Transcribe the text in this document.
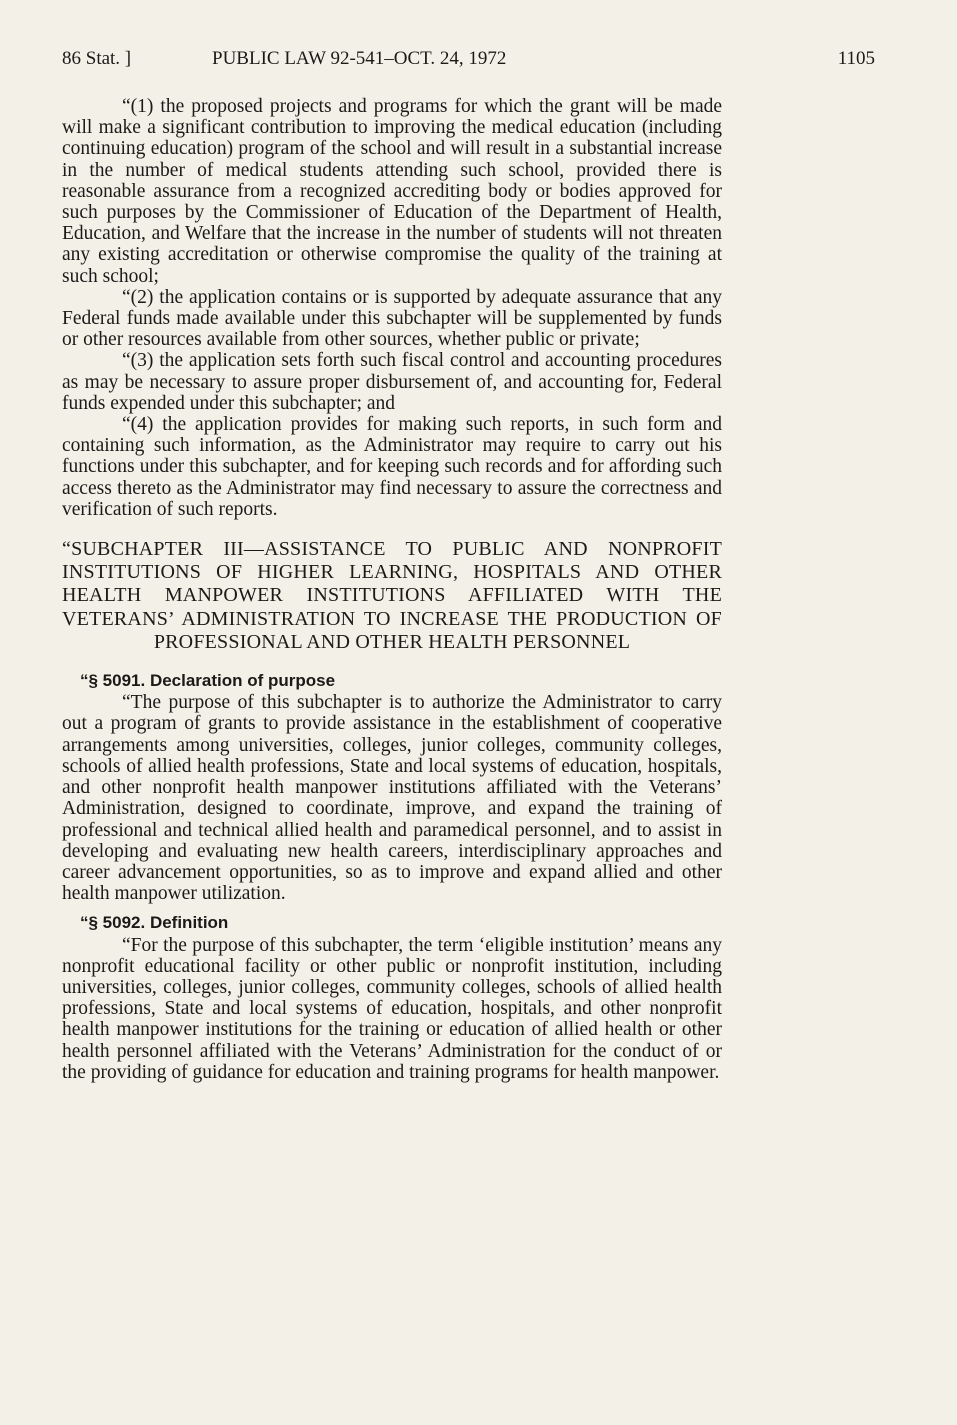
86 Stat. ]	PUBLIC LAW 92-541–OCT. 24, 1972	1105

“(1) the proposed projects and programs for which the grant will be made will make a significant contribution to improving the medical education (including continuing education) program of the school and will result in a substantial increase in the number of medical students attending such school, provided there is reasonable assurance from a recognized accrediting body or bodies approved for such purposes by the Commissioner of Education of the Department of Health, Education, and Welfare that the increase in the number of students will not threaten any existing accreditation or otherwise compromise the quality of the training at such school;

“(2) the application contains or is supported by adequate assurance that any Federal funds made available under this subchapter will be supplemented by funds or other resources available from other sources, whether public or private;

“(3) the application sets forth such fiscal control and accounting procedures as may be necessary to assure proper disbursement of, and accounting for, Federal funds expended under this subchapter; and

“(4) the application provides for making such reports, in such form and containing such information, as the Administrator may require to carry out his functions under this subchapter, and for keeping such records and for affording such access thereto as the Administrator may find necessary to assure the correctness and verification of such reports.

“SUBCHAPTER III—ASSISTANCE TO PUBLIC AND NONPROFIT INSTITUTIONS OF HIGHER LEARNING, HOSPITALS AND OTHER HEALTH MANPOWER INSTITUTIONS AFFILIATED WITH THE VETERANS’ ADMINISTRATION TO INCREASE THE PRODUCTION OF PROFESSIONAL AND OTHER HEALTH PERSONNEL
“§ 5091. Declaration of purpose

“The purpose of this subchapter is to authorize the Administrator to carry out a program of grants to provide assistance in the establishment of cooperative arrangements among universities, colleges, junior colleges, community colleges, schools of allied health professions, State and local systems of education, hospitals, and other nonprofit health manpower institutions affiliated with the Veterans’ Administration, designed to coordinate, improve, and expand the training of professional and technical allied health and paramedical personnel, and to assist in developing and evaluating new health careers, interdisciplinary approaches and career advancement opportunities, so as to improve and expand allied and other health manpower utilization.

“§ 5092. Definition

“For the purpose of this subchapter, the term ‘eligible institution’ means any nonprofit educational facility or other public or nonprofit institution, including universities, colleges, junior colleges, community colleges, schools of allied health professions, State and local systems of education, hospitals, and other nonprofit health manpower institutions for the training or education of allied health or other health personnel affiliated with the Veterans’ Administration for the conduct of or the providing of guidance for education and training programs for health manpower.
